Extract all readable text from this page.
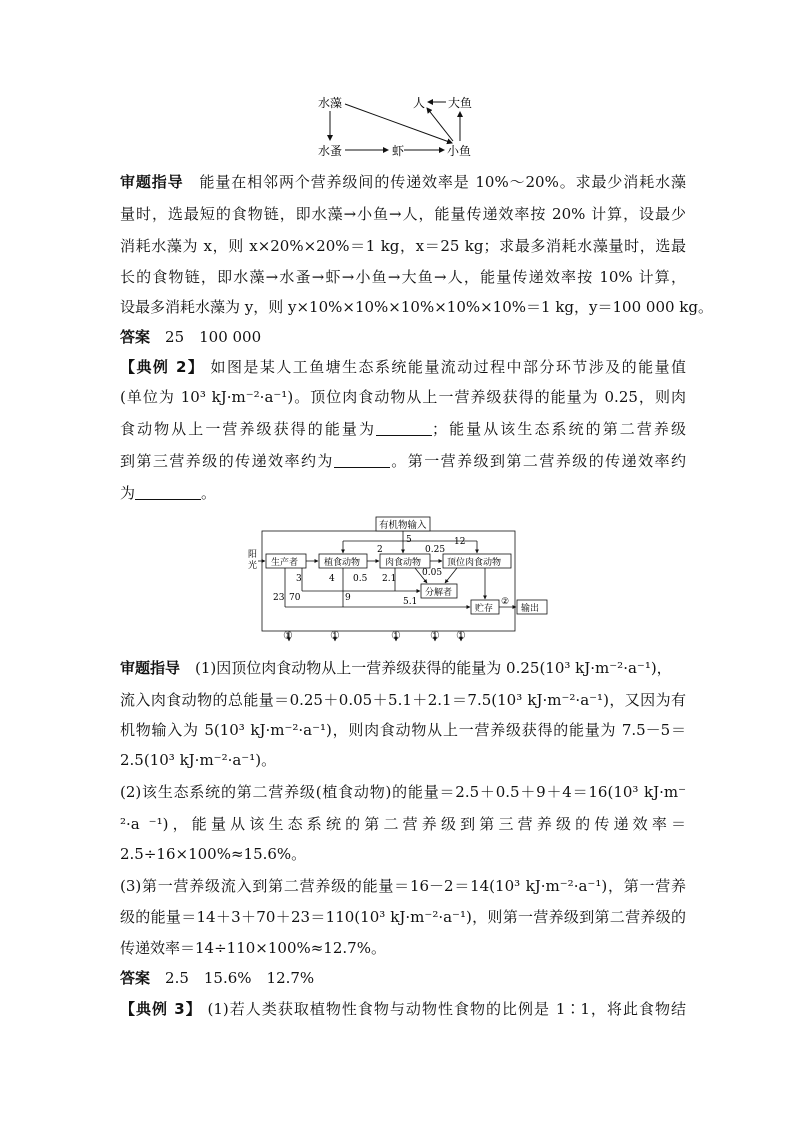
水藻
水蚤	虾	小鱼
大鱼
人
审题指导　 能量在相邻两个营养级间的传递效率是 10%～20%。求最少消耗水藻
量时，选最短的食物链，即水藻→小鱼→人，能量传递效率按 20% 计算，设最少
消耗水藻为 x，则 x×20%×20%＝1 kg，x＝25 kg；求最多消耗水藻量时，选最
长的食物链，即水藻→水蚤→虾→小鱼→大鱼→人，能量传递效率按 10% 计算，
设最多消耗水藻为 y，则 y×10%×10%×10%×10%×10%＝1 kg，y＝100 000 kg。
答案　 25　100 000
【典例 2】 如图是某人工鱼塘生态系统能量流动过程中部分环节涉及的能量值
(单位为 10³ kJ·m⁻²·a⁻¹)。顶位肉食动物从上一营养级获得的能量为 0.25，则肉
食动物从上一营养级获得的能量为	；能量从该生态系统的第二营养级
到第三营养级的传递效率约为	。第一营养级到第二营养级的传递效率约
为	。
有机物输入
阳
光 生产者	植食动物	肉食动物	顶位肉食动物
分解者
贮存	输出
2
5	12
0.25
0.05
3	4 0.5 2.1
70	9	5.1	②
23
①	①	①	① ①
审题指导　 (1)因顶位肉食动物从上一营养级获得的能量为 0.25(10³ kJ·m⁻²·a⁻¹)，
流入肉食动物的总能量＝0.25＋0.05＋5.1＋2.1＝7.5(10³ kJ·m⁻²·a⁻¹)，又因为有
机物输入为 5(10³ kJ·m⁻²·a⁻¹)，则肉食动物从上一营养级获得的能量为 7.5－5＝
2.5(10³ kJ·m⁻²·a⁻¹)。
(2)该生态系统的第二营养级(植食动物)的能量＝2.5＋0.5＋9＋4＝16(10³ kJ·m⁻
²·a ⁻¹)，能量从该生态系统的第二营养级到第三营养级的传递效率＝
2.5÷16×100%≈15.6%。
(3)第一营养级流入到第二营养级的能量＝16－2＝14(10³ kJ·m⁻²·a⁻¹)，第一营养
级的能量＝14＋3＋70＋23＝110(10³ kJ·m⁻²·a⁻¹)，则第一营养级到第二营养级的
传递效率＝14÷110×100%≈12.7%。
答案　 2.5　15.6%　12.7%
【典例 3】 (1)若人类获取植物性食物与动物性食物的比例是 1∶1，将此食物结
